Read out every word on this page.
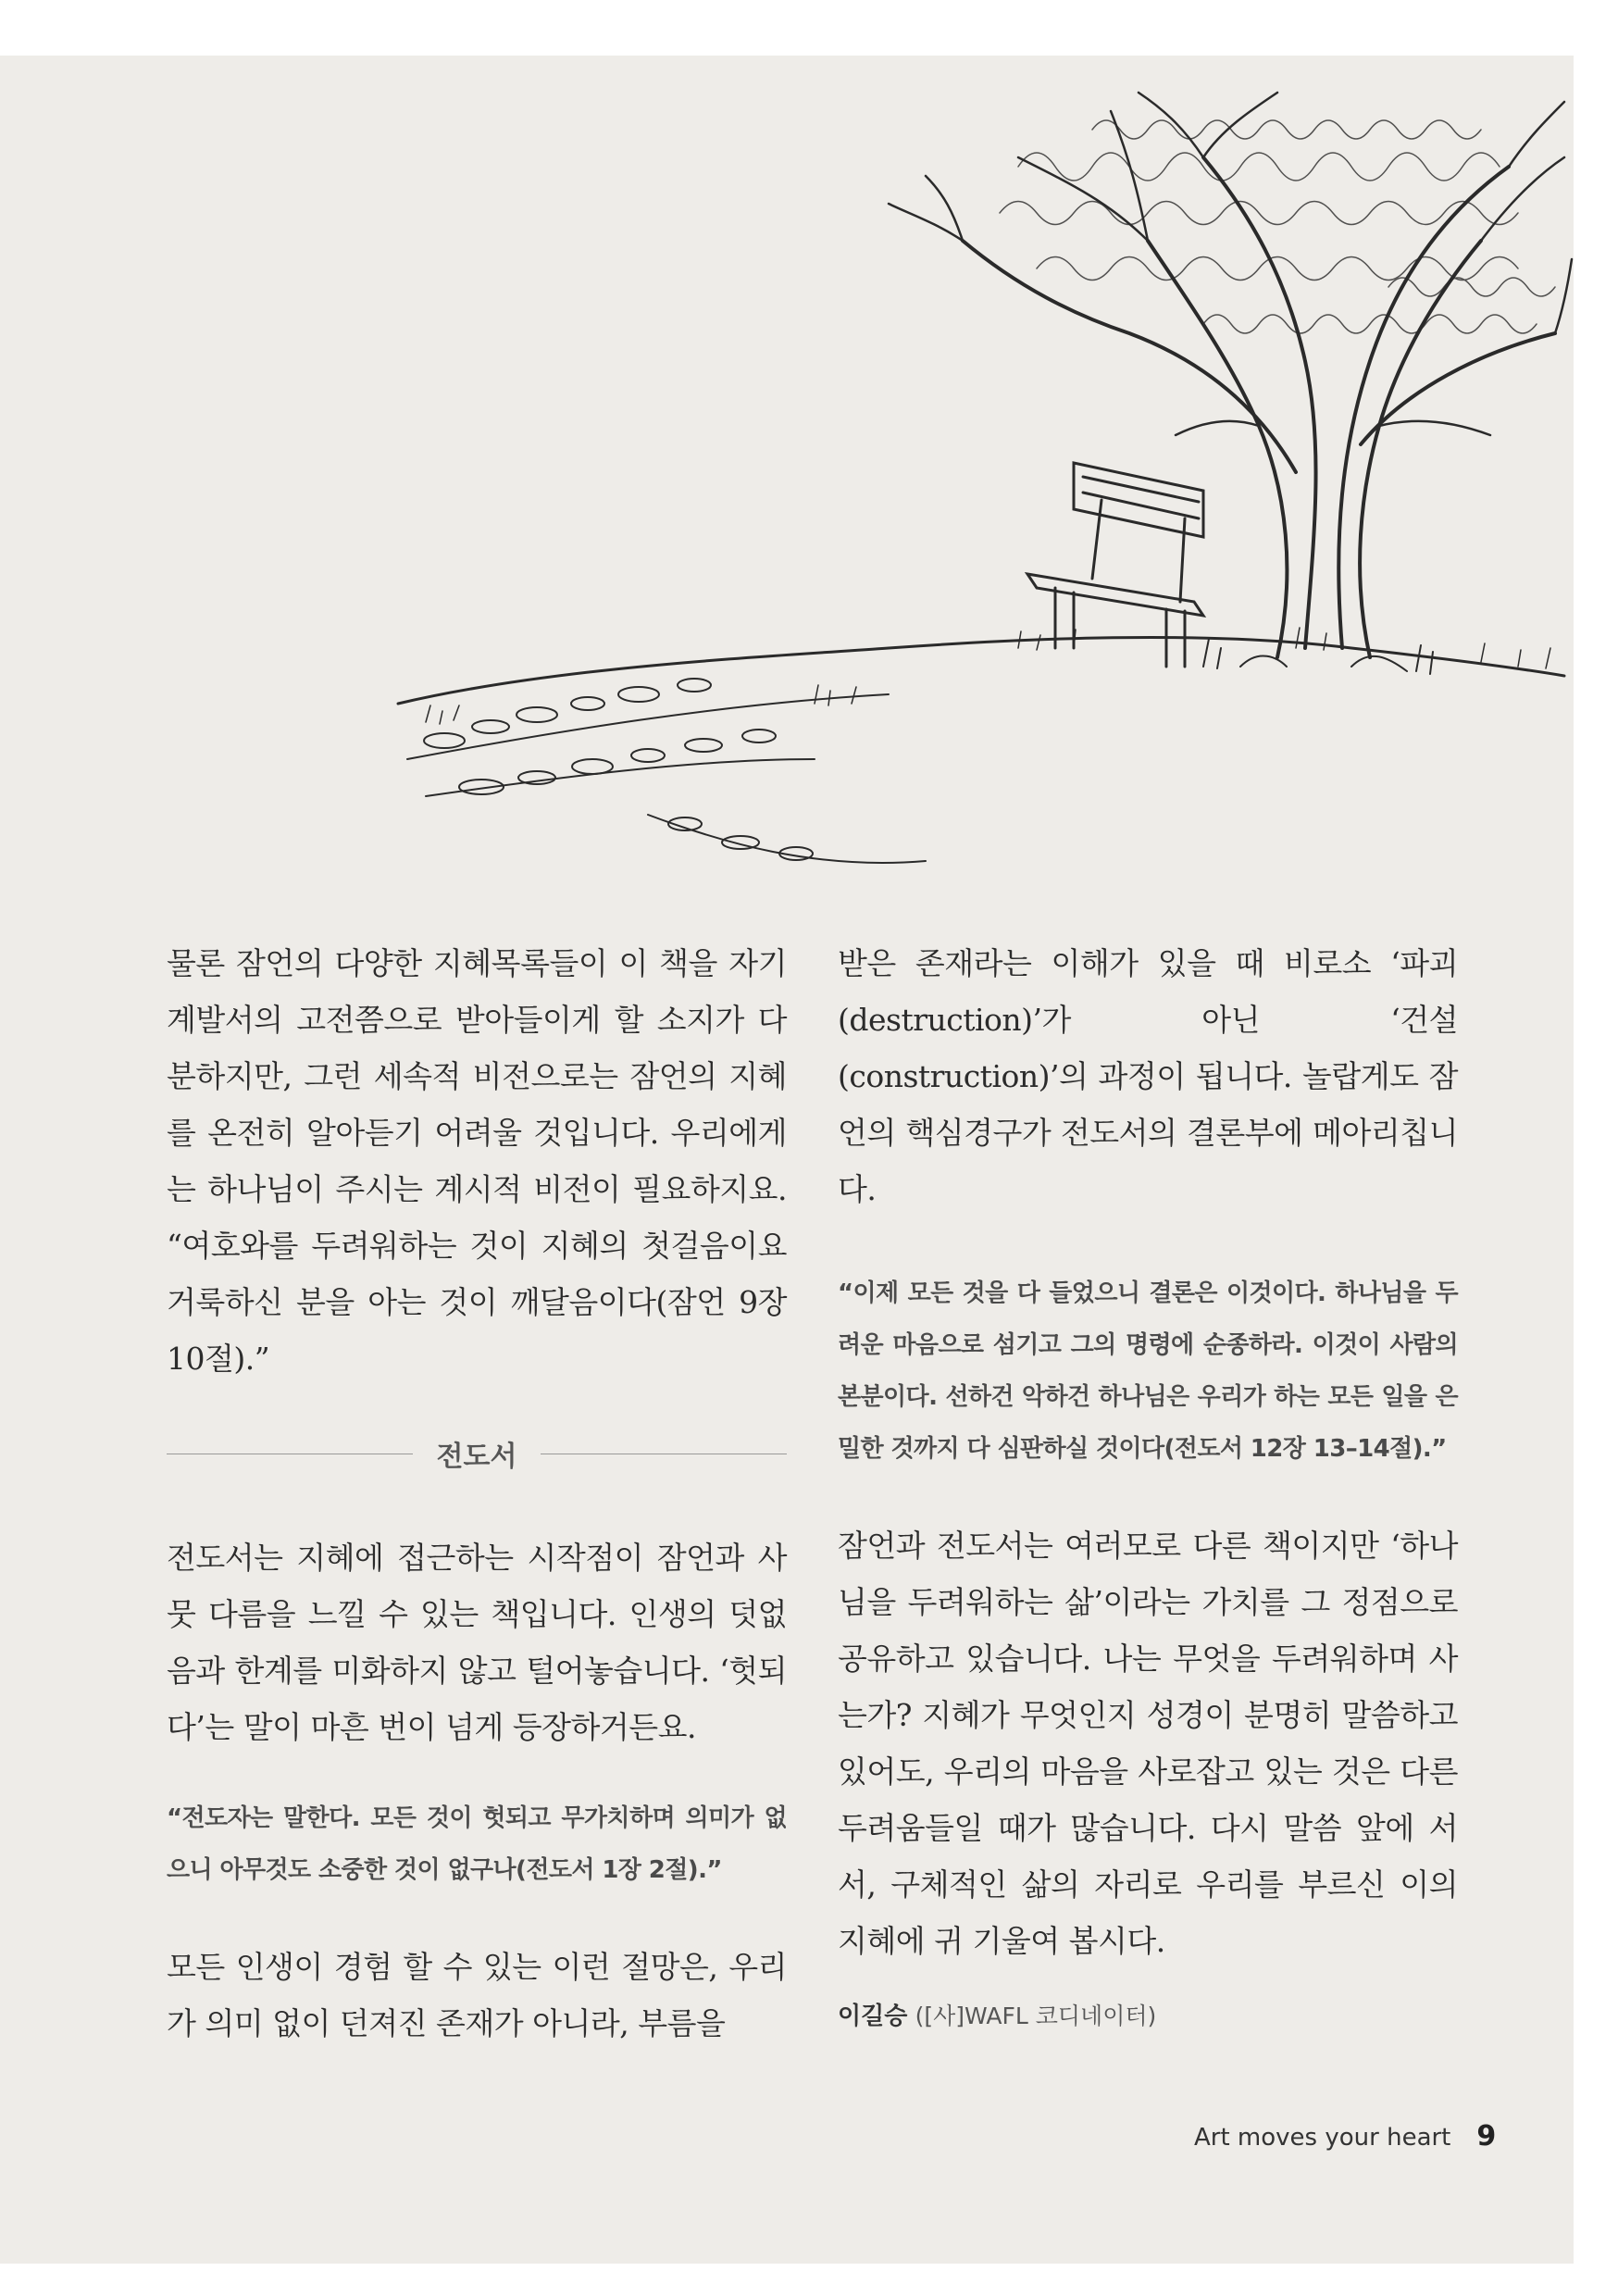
물론 잠언의 다양한 지혜목록들이 이 책을 자기계발서의 고전쯤으로 받아들이게 할 소지가 다분하지만, 그런 세속적 비전으로는 잠언의 지혜를 온전히 알아듣기 어려울 것입니다. 우리에게는 하나님이 주시는 계시적 비전이 필요하지요. “여호와를 두려워하는 것이 지혜의 첫걸음이요 거룩하신 분을 아는 것이 깨달음이다(잠언 9장 10절).”

전도서

전도서는 지혜에 접근하는 시작점이 잠언과 사뭇 다름을 느낄 수 있는 책입니다. 인생의 덧없음과 한계를 미화하지 않고 털어놓습니다. ‘헛되다’는 말이 마흔 번이 넘게 등장하거든요.

“전도자는 말한다. 모든 것이 헛되고 무가치하며 의미가 없으니 아무것도 소중한 것이 없구나(전도서 1장 2절).”

모든 인생이 경험 할 수 있는 이런 절망은, 우리가 의미 없이 던져진 존재가 아니라, 부름을

받은 존재라는 이해가 있을 때 비로소 ‘파괴(destruction)’가 아닌 ‘건설(construction)’의 과정이 됩니다. 놀랍게도 잠언의 핵심경구가 전도서의 결론부에 메아리칩니다.

“이제 모든 것을 다 들었으니 결론은 이것이다. 하나님을 두려운 마음으로 섬기고 그의 명령에 순종하라. 이것이 사람의 본분이다. 선하건 악하건 하나님은 우리가 하는 모든 일을 은밀한 것까지 다 심판하실 것이다(전도서 12장 13–14절).”

잠언과 전도서는 여러모로 다른 책이지만 ‘하나님을 두려워하는 삶’이라는 가치를 그 정점으로 공유하고 있습니다. 나는 무엇을 두려워하며 사는가? 지혜가 무엇인지 성경이 분명히 말씀하고 있어도, 우리의 마음을 사로잡고 있는 것은 다른 두려움들일 때가 많습니다. 다시 말씀 앞에 서서, 구체적인 삶의 자리로 우리를 부르신 이의 지혜에 귀 기울여 봅시다.

이길승 ([사]WAFL 코디네이터)

Art moves your heart 9
